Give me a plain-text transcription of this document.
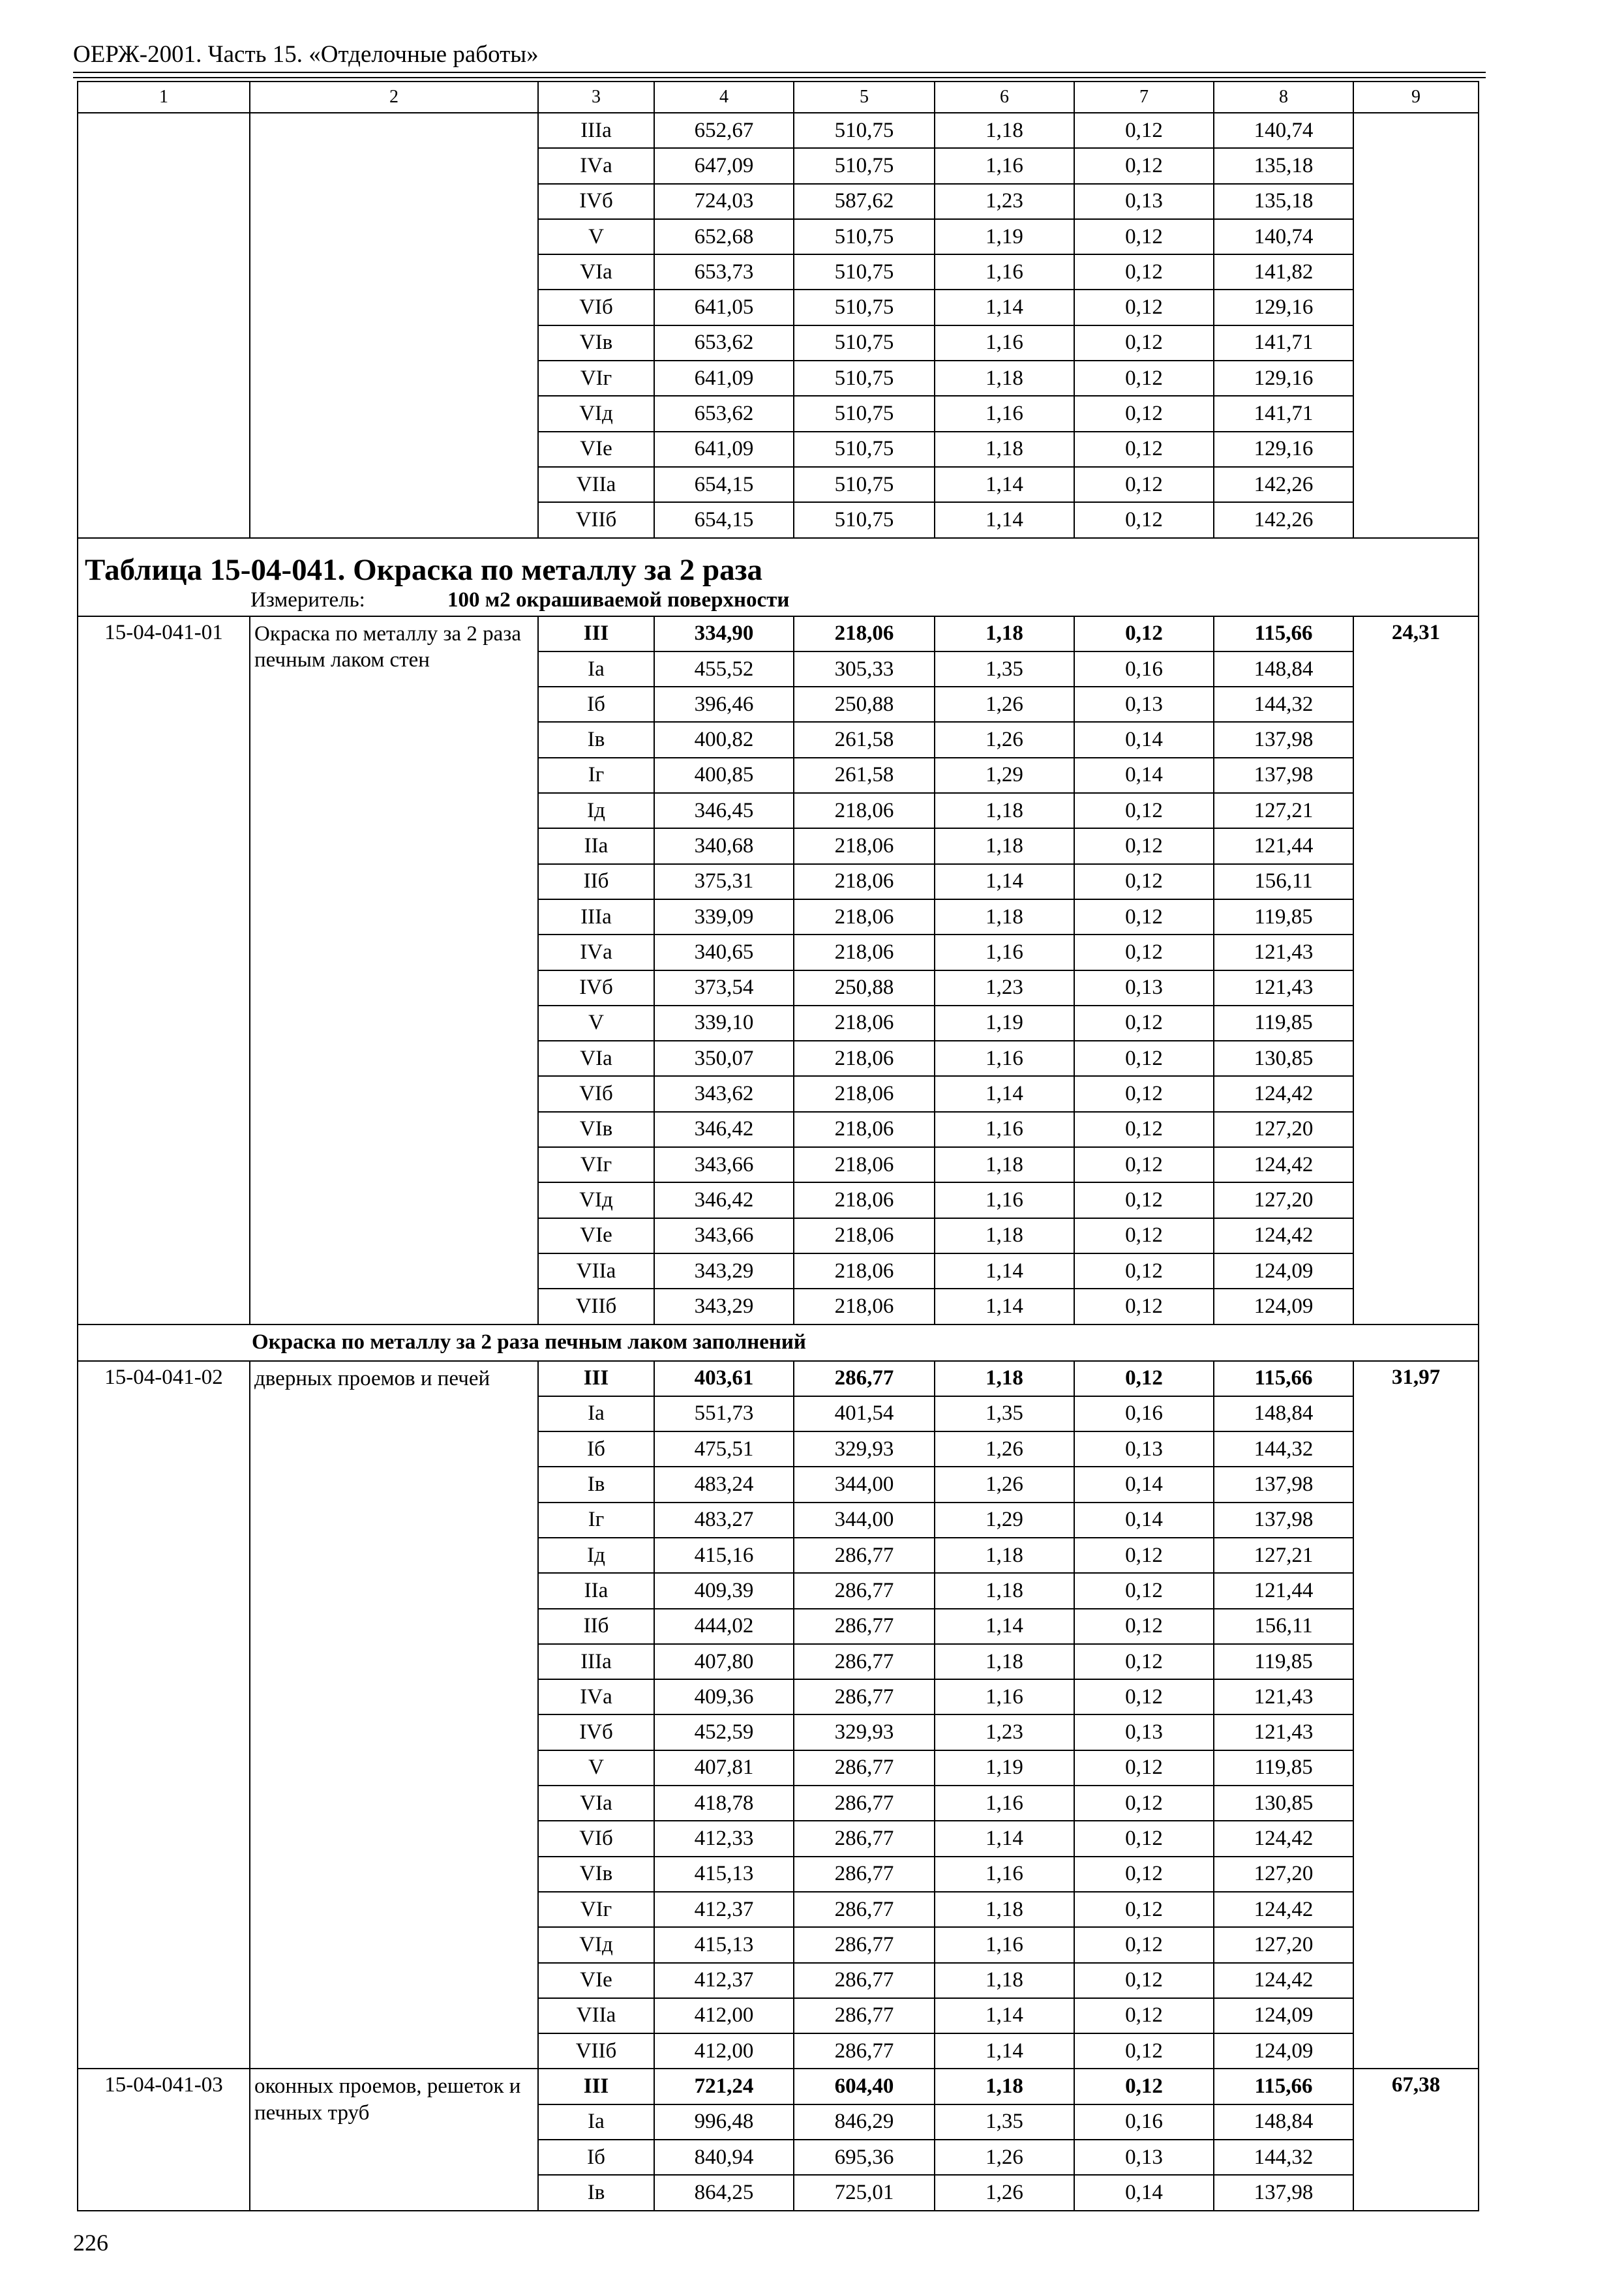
ОЕРЖ-2001. Часть 15. «Отделочные работы»
1	2	3	4	5	6	7	8	9
		IIIа	652,67	510,75	1,18	0,12	140,74	
		IVа	647,09	510,75	1,16	0,12	135,18	
		IVб	724,03	587,62	1,23	0,13	135,18	
		V	652,68	510,75	1,19	0,12	140,74	
		VIа	653,73	510,75	1,16	0,12	141,82	
		VIб	641,05	510,75	1,14	0,12	129,16	
		VIв	653,62	510,75	1,16	0,12	141,71	
		VIг	641,09	510,75	1,18	0,12	129,16	
		VIд	653,62	510,75	1,16	0,12	141,71	
		VIе	641,09	510,75	1,18	0,12	129,16	
		VIIа	654,15	510,75	1,14	0,12	142,26	
		VIIб	654,15	510,75	1,14	0,12	142,26	
Таблица 15-04-041. Окраска по металлу за 2 раза								
Измеритель: 100 м2 окрашиваемой поверхности								
15-04-041-01	Окраска по металлу за 2 раза печным лаком стен	III	334,90	218,06	1,18	0,12	115,66	24,31
		Iа	455,52	305,33	1,35	0,16	148,84	
		Iб	396,46	250,88	1,26	0,13	144,32	
		Iв	400,82	261,58	1,26	0,14	137,98	
		Iг	400,85	261,58	1,29	0,14	137,98	
		Iд	346,45	218,06	1,18	0,12	127,21	
		IIа	340,68	218,06	1,18	0,12	121,44	
		IIб	375,31	218,06	1,14	0,12	156,11	
		IIIа	339,09	218,06	1,18	0,12	119,85	
		IVа	340,65	218,06	1,16	0,12	121,43	
		IVб	373,54	250,88	1,23	0,13	121,43	
		V	339,10	218,06	1,19	0,12	119,85	
		VIа	350,07	218,06	1,16	0,12	130,85	
		VIб	343,62	218,06	1,14	0,12	124,42	
		VIв	346,42	218,06	1,16	0,12	127,20	
		VIг	343,66	218,06	1,18	0,12	124,42	
		VIд	346,42	218,06	1,16	0,12	127,20	
		VIе	343,66	218,06	1,18	0,12	124,42	
		VIIа	343,29	218,06	1,14	0,12	124,09	
		VIIб	343,29	218,06	1,14	0,12	124,09	
Окраска по металлу за 2 раза печным лаком заполнений								
15-04-041-02	дверных проемов и печей	III	403,61	286,77	1,18	0,12	115,66	31,97
		Iа	551,73	401,54	1,35	0,16	148,84	
		Iб	475,51	329,93	1,26	0,13	144,32	
		Iв	483,24	344,00	1,26	0,14	137,98	
		Iг	483,27	344,00	1,29	0,14	137,98	
		Iд	415,16	286,77	1,18	0,12	127,21	
		IIа	409,39	286,77	1,18	0,12	121,44	
		IIб	444,02	286,77	1,14	0,12	156,11	
		IIIа	407,80	286,77	1,18	0,12	119,85	
		IVа	409,36	286,77	1,16	0,12	121,43	
		IVб	452,59	329,93	1,23	0,13	121,43	
		V	407,81	286,77	1,19	0,12	119,85	
		VIа	418,78	286,77	1,16	0,12	130,85	
		VIб	412,33	286,77	1,14	0,12	124,42	
		VIв	415,13	286,77	1,16	0,12	127,20	
		VIг	412,37	286,77	1,18	0,12	124,42	
		VIд	415,13	286,77	1,16	0,12	127,20	
		VIе	412,37	286,77	1,18	0,12	124,42	
		VIIа	412,00	286,77	1,14	0,12	124,09	
		VIIб	412,00	286,77	1,14	0,12	124,09	
15-04-041-03	оконных проемов, решеток и печных труб	III	721,24	604,40	1,18	0,12	115,66	67,38
		Iа	996,48	846,29	1,35	0,16	148,84	
		Iб	840,94	695,36	1,26	0,13	144,32	
		Iв	864,25	725,01	1,26	0,14	137,98	
226
